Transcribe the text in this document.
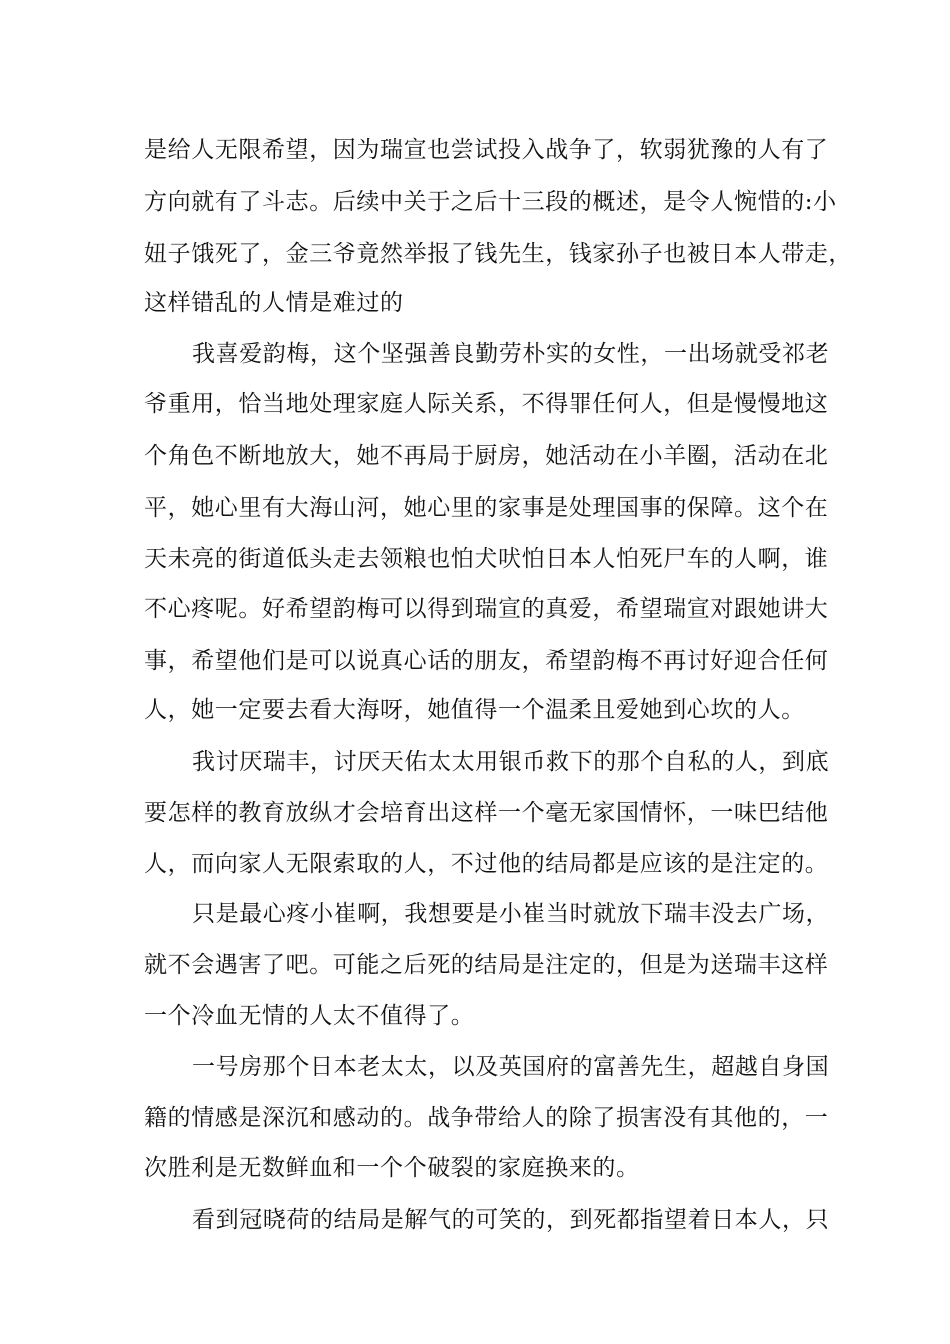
是给人无限希望，因为瑞宣也尝试投入战争了，软弱犹豫的人有了
方向就有了斗志。后续中关于之后十三段的概述，是令人惋惜的:小
妞子饿死了，金三爷竟然举报了钱先生，钱家孙子也被日本人带走，
这样错乱的人情是难过的
我喜爱韵梅，这个坚强善良勤劳朴实的女性，一出场就受祁老
爷重用，恰当地处理家庭人际关系，不得罪任何人，但是慢慢地这
个角色不断地放大，她不再局于厨房，她活动在小羊圈，活动在北
平，她心里有大海山河，她心里的家事是处理国事的保障。这个在
天未亮的街道低头走去领粮也怕犬吠怕日本人怕死尸车的人啊，谁
不心疼呢。好希望韵梅可以得到瑞宣的真爱，希望瑞宣对跟她讲大
事，希望他们是可以说真心话的朋友，希望韵梅不再讨好迎合任何
人，她一定要去看大海呀，她值得一个温柔且爱她到心坎的人。
我讨厌瑞丰，讨厌天佑太太用银币救下的那个自私的人，到底
要怎样的教育放纵才会培育出这样一个毫无家国情怀，一味巴结他
人，而向家人无限索取的人，不过他的结局都是应该的是注定的。
只是最心疼小崔啊，我想要是小崔当时就放下瑞丰没去广场，
就不会遇害了吧。可能之后死的结局是注定的，但是为送瑞丰这样
一个冷血无情的人太不值得了。
一号房那个日本老太太，以及英国府的富善先生，超越自身国
籍的情感是深沉和感动的。战争带给人的除了损害没有其他的，一
次胜利是无数鲜血和一个个破裂的家庭换来的。
看到冠晓荷的结局是解气的可笑的，到死都指望着日本人，只
